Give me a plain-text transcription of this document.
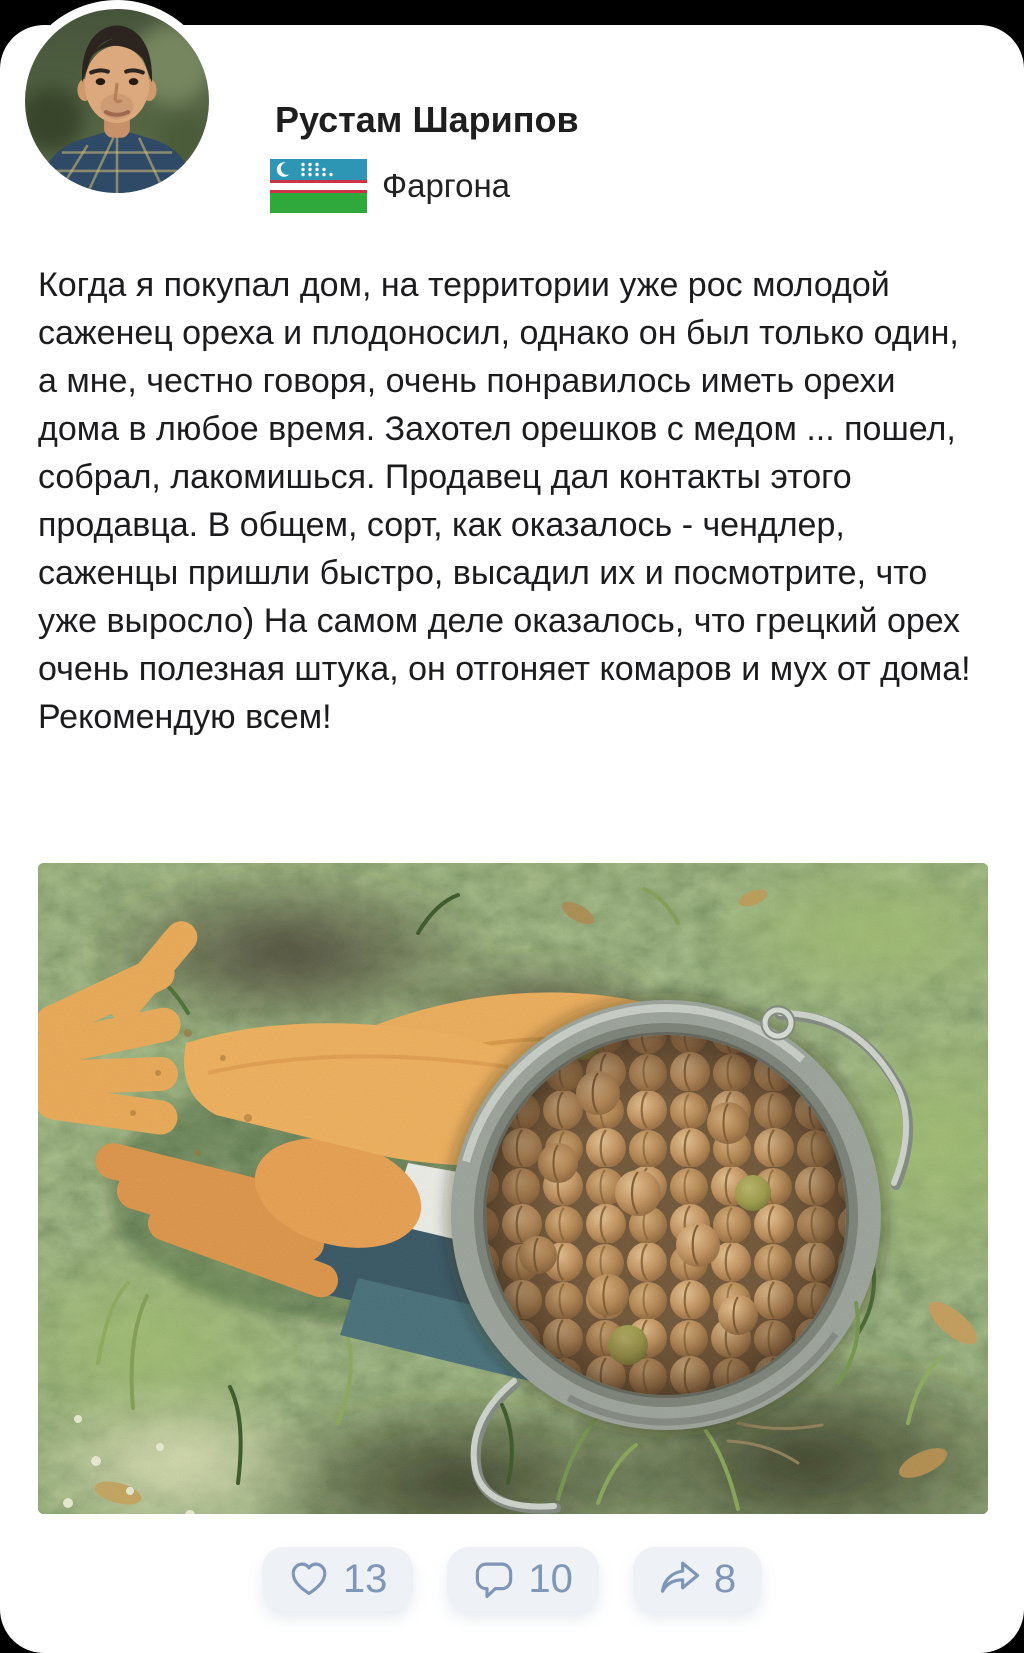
Рустам Шарипов
Фаргона
Когда я покупал дом, на территории уже рос молодой саженец ореха и плодоносил, однако он был только один, а мне, честно говоря, очень понравилось иметь орехи дома в любое время. Захотел орешков с медом ... пошел, собрал, лакомишься. Продавец дал контакты этого продавца. В общем, сорт, как оказалось - чендлер, саженцы пришли быстро, высадил их и посмотрите, что уже выросло) На самом деле оказалось, что грецкий орех очень полезная штука, он отгоняет комаров и мух от дома! Рекомендую всем!
13	10	8
